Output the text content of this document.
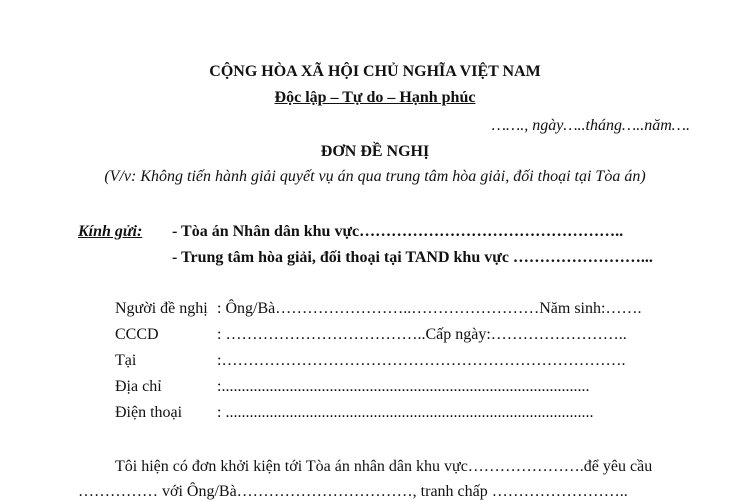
CỘNG HÒA XÃ HỘI CHỦ NGHĨA VIỆT NAM
Độc lập – Tự do – Hạnh phúc
……., ngày…..tháng…..năm….
ĐƠN ĐỀ NGHỊ
(V/v: Không tiến hành giải quyết vụ án qua trung tâm hòa giải, đối thoại tại Tòa án)
Kính gửi: - Tòa án Nhân dân khu vực…………………………………………..
- Trung tâm hòa giải, đối thoại tại TAND khu vực ……………………...
Người đề nghị : Ông/Bà……………………..……………………Năm sinh:…….
CCCD	: ………………………………..Cấp ngày:……………………..
Tại	:………………………………………………………………….
Địa chỉ	:............................................................................................
Điện thoại : ............................................................................................
Tôi hiện có đơn khởi kiện tới Tòa án nhân dân khu vực………………….để yêu cầu
…………… với Ông/Bà……………………………, tranh chấp ……………………..
